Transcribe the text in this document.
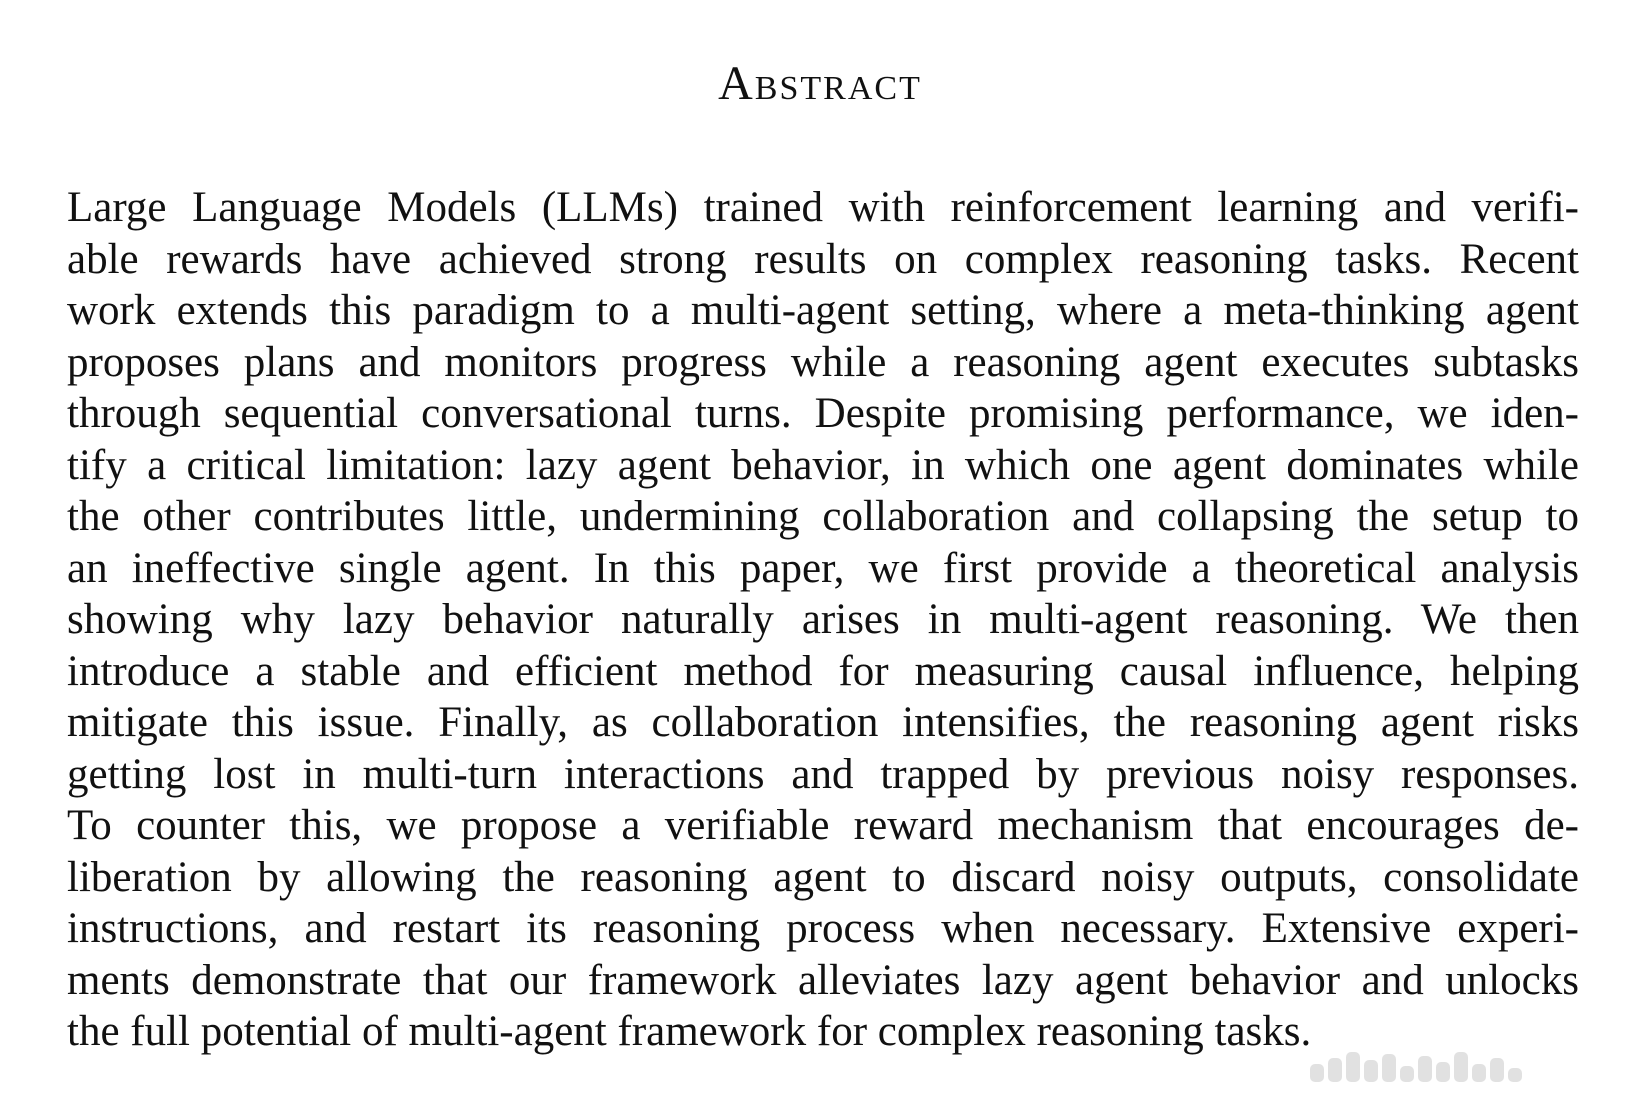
Abstract
Large Language Models (LLMs) trained with reinforcement learning and verifi-
able rewards have achieved strong results on complex reasoning tasks. Recent
work extends this paradigm to a multi-agent setting, where a meta-thinking agent
proposes plans and monitors progress while a reasoning agent executes subtasks
through sequential conversational turns. Despite promising performance, we iden-
tify a critical limitation: lazy agent behavior, in which one agent dominates while
the other contributes little, undermining collaboration and collapsing the setup to
an ineffective single agent. In this paper, we first provide a theoretical analysis
showing why lazy behavior naturally arises in multi-agent reasoning. We then
introduce a stable and efficient method for measuring causal influence, helping
mitigate this issue. Finally, as collaboration intensifies, the reasoning agent risks
getting lost in multi-turn interactions and trapped by previous noisy responses.
To counter this, we propose a verifiable reward mechanism that encourages de-
liberation by allowing the reasoning agent to discard noisy outputs, consolidate
instructions, and restart its reasoning process when necessary. Extensive experi-
ments demonstrate that our framework alleviates lazy agent behavior and unlocks
the full potential of multi-agent framework for complex reasoning tasks.
